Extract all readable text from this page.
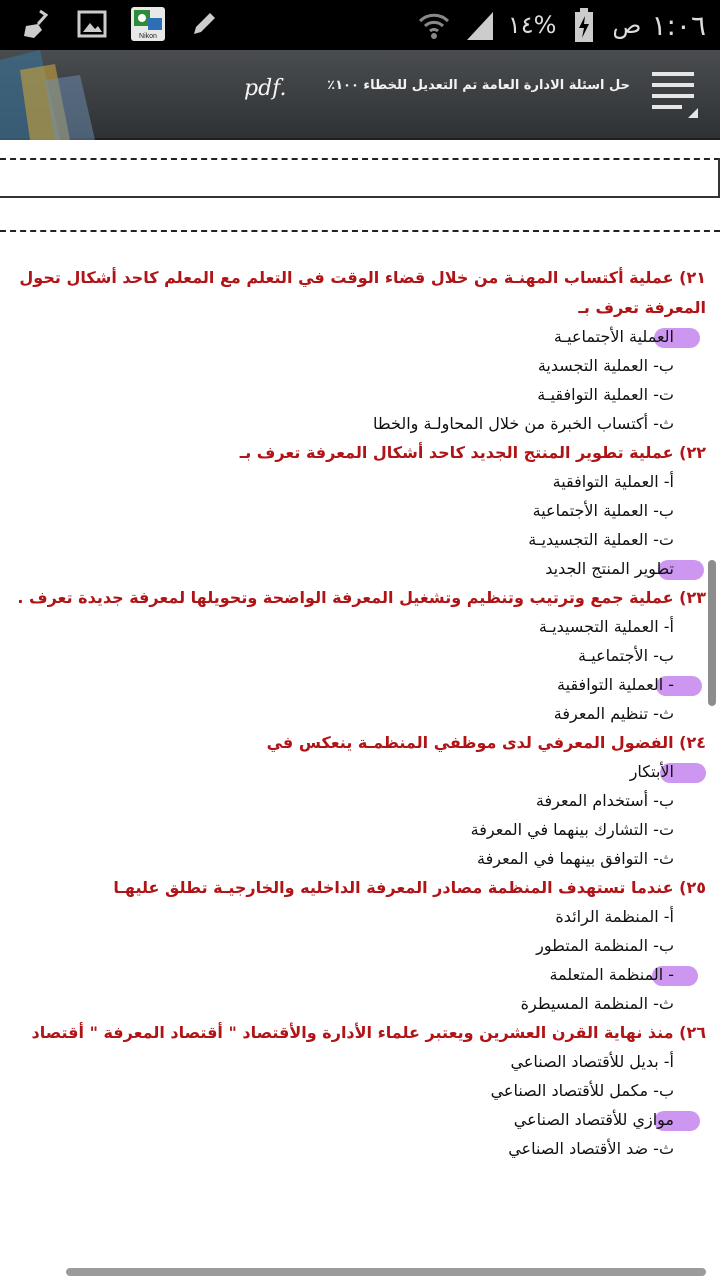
Nikon	١٤% ص ١:٠٦
pdf.	حل اسئلة الادارة العامة تم التعديل للخطاء ١٠٠٪
٢١) عملية أكتساب المهنـة من خلال قضاء الوقت في التعلم مع المعلم كاحد أشكال تحول
المعرفة تعرف بـ
العملية الأجتماعيـة
ب- العملية التجسدية
ت- العملية التوافقيـة
ث- أكتساب الخبرة من خلال المحاولـة والخطا
٢٢) عملية تطوير المنتج الجديد كاحد أشكال المعرفة تعرف بـ
أ- العملية التوافقية
ب- العملية الأجتماعية
ت- العملية التجسيديـة
تطوير المنتج الجديد
٢٣) عملية جمع وترتيب وتنظيم وتشغيل المعرفة الواضحة وتحويلها لمعرفة جديدة تعرف .
أ- العملية التجسيديـة
ب- الأجتماعيـة
- العملية التوافقية
ث- تنظيم المعرفة
٢٤) الفضول المعرفي لدى موظفي المنظمـة ينعكس في
الأبتكار
ب- أستخدام المعرفة
ت- التشارك بينهما في المعرفة
ث- التوافق بينهما في المعرفة
٢٥) عندما تستهدف المنظمة مصادر المعرفة الداخليه والخارجيـة تطلق عليهـا
أ- المنظمة الرائدة
ب- المنظمة المتطور
- المنظمة المتعلمة
ث- المنظمة المسيطرة
٢٦) منذ نهاية القرن العشرين ويعتبر علماء الأدارة والأقتصاد " أقتصاد المعرفة " أقتصاد
أ- بديل للأقتصاد الصناعي
ب- مكمل للأقتصاد الصناعي
موازي للأقتصاد الصناعي
ث- ضد الأقتصاد الصناعي
